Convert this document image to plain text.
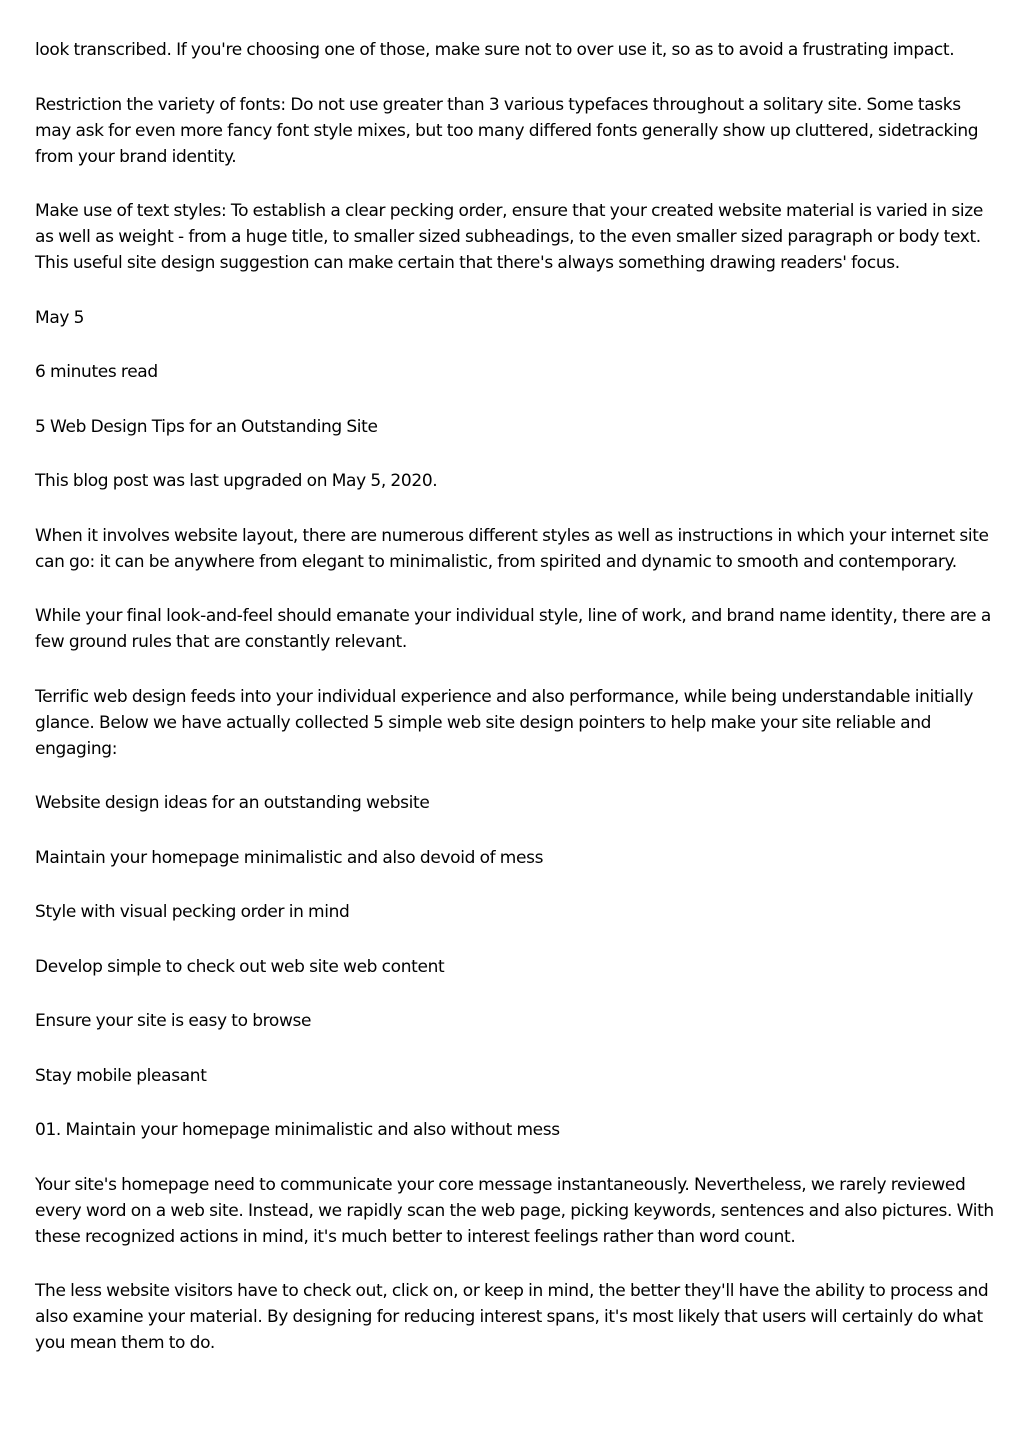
look transcribed. If you're choosing one of those, make sure not to over use it, so as to avoid a frustrating impact.

Restriction the variety of fonts: Do not use greater than 3 various typefaces throughout a solitary site. Some tasks may ask for even more fancy font style mixes, but too many differed fonts generally show up cluttered, sidetracking from your brand identity.

Make use of text styles: To establish a clear pecking order, ensure that your created website material is varied in size as well as weight - from a huge title, to smaller sized subheadings, to the even smaller sized paragraph or body text. This useful site design suggestion can make certain that there's always something drawing readers' focus.

May 5

6 minutes read

5 Web Design Tips for an Outstanding Site

This blog post was last upgraded on May 5, 2020.

When it involves website layout, there are numerous different styles as well as instructions in which your internet site can go: it can be anywhere from elegant to minimalistic, from spirited and dynamic to smooth and contemporary.

While your final look-and-feel should emanate your individual style, line of work, and brand name identity, there are a few ground rules that are constantly relevant.

Terrific web design feeds into your individual experience and also performance, while being understandable initially glance. Below we have actually collected 5 simple web site design pointers to help make your site reliable and engaging:

Website design ideas for an outstanding website

Maintain your homepage minimalistic and also devoid of mess

Style with visual pecking order in mind

Develop simple to check out web site web content

Ensure your site is easy to browse

Stay mobile pleasant

01. Maintain your homepage minimalistic and also without mess

Your site's homepage need to communicate your core message instantaneously. Nevertheless, we rarely reviewed every word on a web site. Instead, we rapidly scan the web page, picking keywords, sentences and also pictures. With these recognized actions in mind, it's much better to interest feelings rather than word count.

The less website visitors have to check out, click on, or keep in mind, the better they'll have the ability to process and also examine your material. By designing for reducing interest spans, it's most likely that users will certainly do what you mean them to do.
